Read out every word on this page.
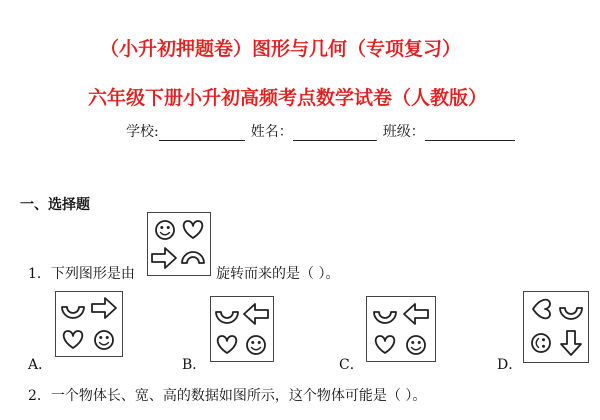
（小升初押题卷）图形与几何（专项复习）
六年级下册小升初高频考点数学试卷（人教版）
学校:	姓名：	班级：
一、选择题
1．下列图形是由	旋转而来的是（ ）。
A．	B．	C．	D．
2．一个物体长、宽、高的数据如图所示，这个物体可能是（ ）。
